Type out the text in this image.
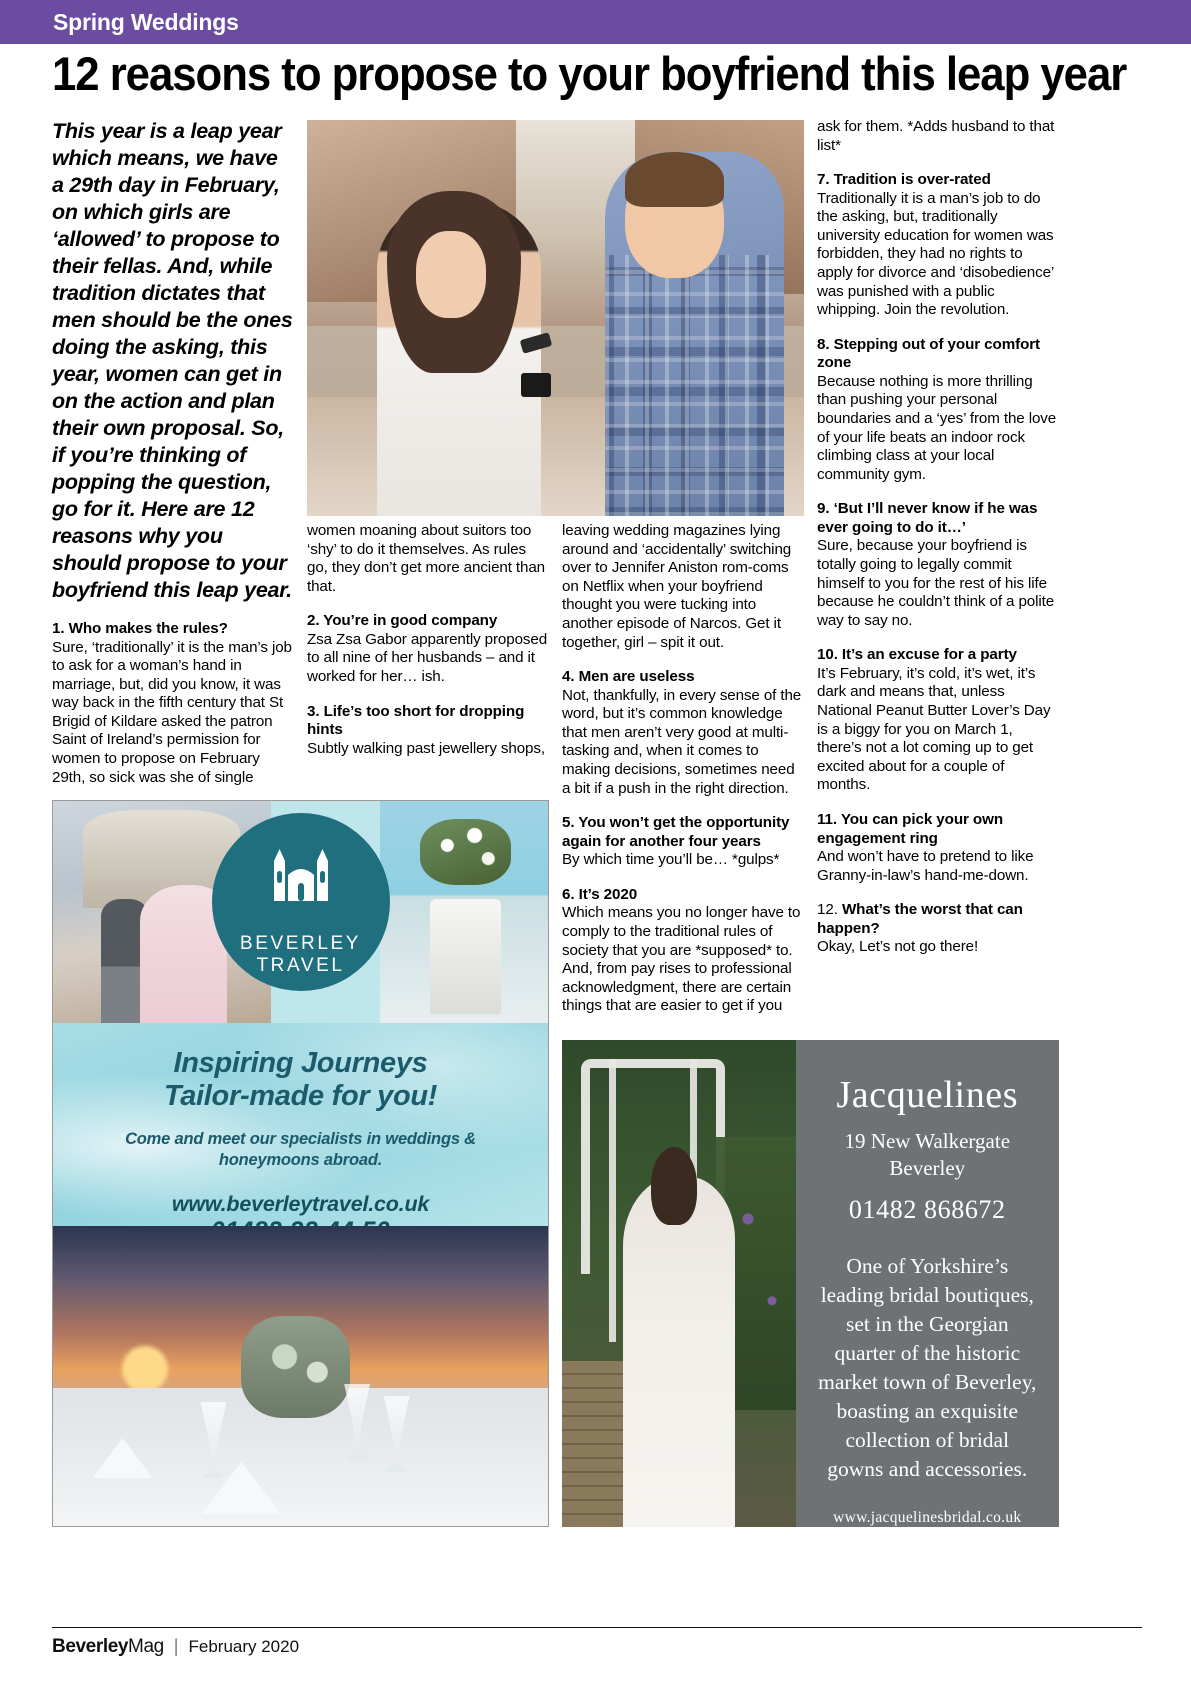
Spring Weddings
12 reasons to propose to your boyfriend this leap year
This year is a leap year which means, we have a 29th day in February, on which girls are ‘allowed’ to propose to their fellas. And, while tradition dictates that men should be the ones doing the asking, this year, women can get in on the action and plan their own proposal. So, if you’re thinking of popping the question, go for it. Here are 12 reasons why you should propose to your boyfriend this leap year.
1. Who makes the rules?

Sure, ‘traditionally’ it is the man’s job to ask for a woman’s hand in marriage, but, did you know, it was way back in the fifth century that St Brigid of Kildare asked the patron Saint of Ireland’s permission for women to propose on February 29th, so sick was she of single

women moaning about suitors too ‘shy’ to do it themselves. As rules go, they don’t get more ancient than that.

2. You’re in good company

Zsa Zsa Gabor apparently proposed to all nine of her husbands – and it worked for her… ish.

3. Life’s too short for dropping hints

Subtly walking past jewellery shops,

leaving wedding magazines lying around and ‘accidentally’ switching over to Jennifer Aniston rom-coms on Netflix when your boyfriend thought you were tucking into another episode of Narcos. Get it together, girl – spit it out.

4. Men are useless

Not, thankfully, in every sense of the word, but it’s common knowledge that men aren’t very good at multi-tasking and, when it comes to making decisions, sometimes need a bit if a push in the right direction.

5. You won’t get the opportunity again for another four years

By which time you’ll be… *gulps*

6. It’s 2020

Which means you no longer have to comply to the traditional rules of society that you are *supposed* to. And, from pay rises to professional acknowledgment, there are certain things that are easier to get if you

ask for them. *Adds husband to that list*

7. Tradition is over-rated

Traditionally it is a man’s job to do the asking, but, traditionally university education for women was forbidden, they had no rights to apply for divorce and ‘disobedience’ was punished with a public whipping. Join the revolution.

8. Stepping out of your comfort zone

Because nothing is more thrilling than pushing your personal boundaries and a ‘yes’ from the love of your life beats an indoor rock climbing class at your local community gym.

9. ‘But I’ll never know if he was ever going to do it…’

Sure, because your boyfriend is totally going to legally commit himself to you for the rest of his life because he couldn’t think of a polite way to say no.

10. It’s an excuse for a party

It’s February, it’s cold, it’s wet, it’s dark and means that, unless National Peanut Butter Lover’s Day is a biggy for you on March 1, there’s not a lot coming up to get excited about for a couple of months.

11. You can pick your own engagement ring

And won’t have to pretend to like Granny-in-law’s hand-me-down.

12. What’s the worst that can happen?

Okay, Let’s not go there!

BEVERLEY
TRAVEL
Inspiring Journeys
Tailor-made for you!
Come and meet our specialists in weddings & honeymoons abroad.
www.beverleytravel.co.uk
Jacquelines
19 New Walkergate
Beverley
01482 868672
One of Yorkshire’s leading bridal boutiques, set in the Georgian quarter of the historic market town of Beverley, boasting an exquisite collection of bridal gowns and accessories.
www.jacquelinesbridal.co.uk
BeverleyMag | February 2020
